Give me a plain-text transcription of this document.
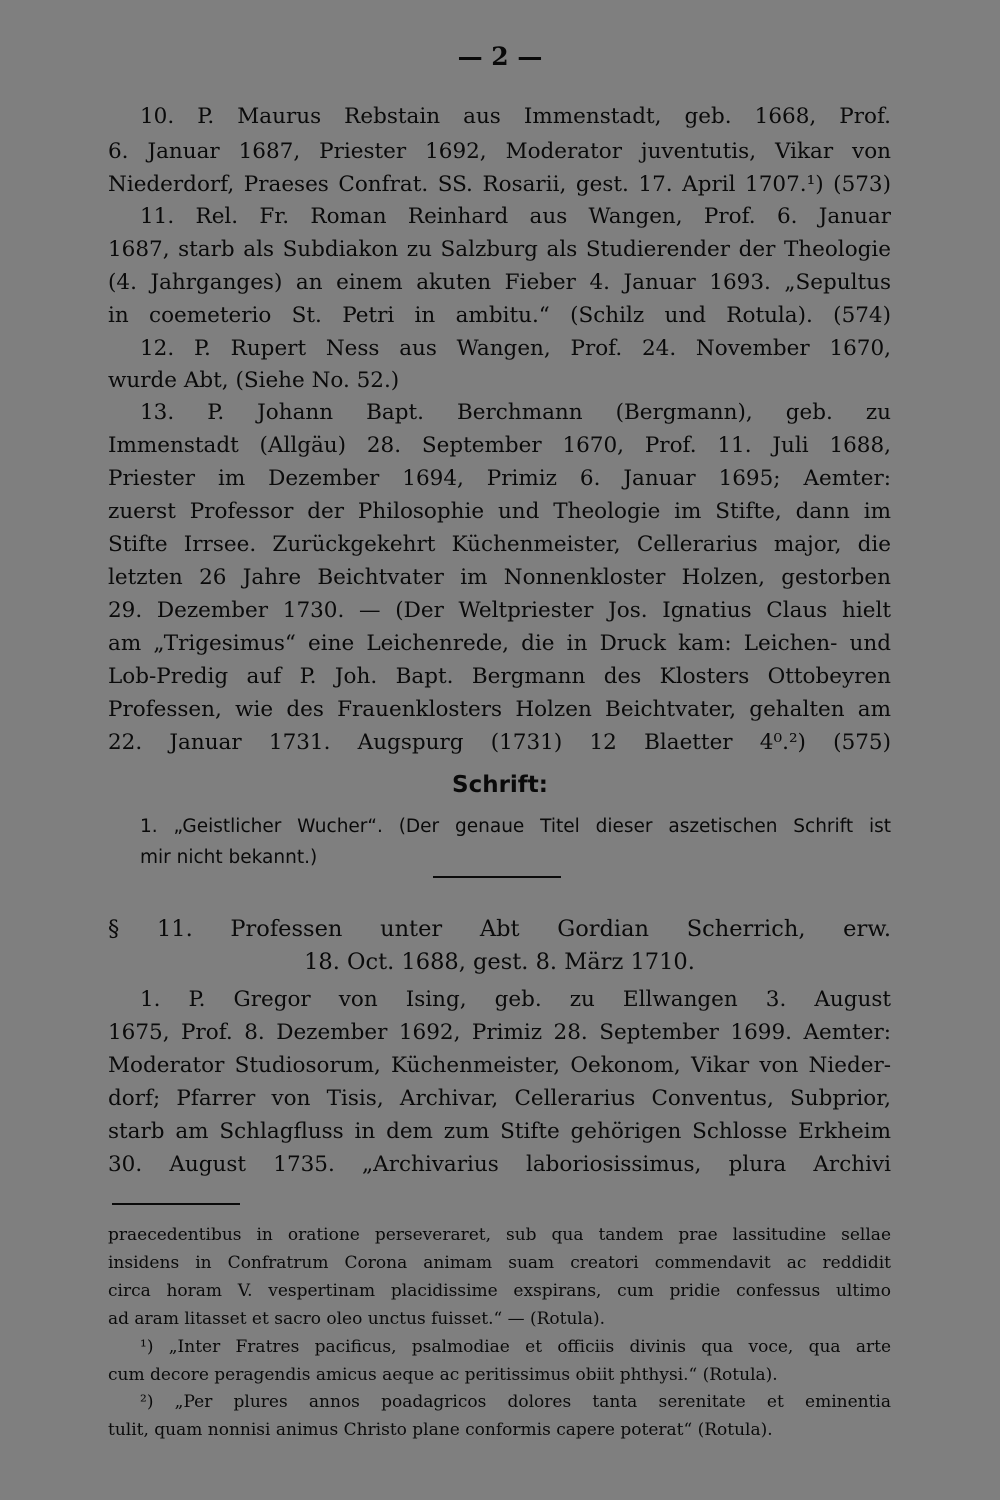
— 2 —
10. P. Maurus Rebstain aus Immenstadt, geb. 1668, Prof.
6. Januar 1687, Priester 1692, Moderator juventutis, Vikar von
Niederdorf, Praeses Confrat. SS. Rosarii, gest. 17. April 1707.¹) (573)
11. Rel. Fr. Roman Reinhard aus Wangen, Prof. 6. Januar
1687, starb als Subdiakon zu Salzburg als Studierender der Theologie
(4. Jahrganges) an einem akuten Fieber 4. Januar 1693. „Sepultus
in coemeterio St. Petri in ambitu.“ (Schilz und Rotula). (574)
12. P. Rupert Ness aus Wangen, Prof. 24. November 1670,
wurde Abt, (Siehe No. 52.)
13. P. Johann Bapt. Berchmann (Bergmann), geb. zu
Immenstadt (Allgäu) 28. September 1670, Prof. 11. Juli 1688,
Priester im Dezember 1694, Primiz 6. Januar 1695; Aemter:
zuerst Professor der Philosophie und Theologie im Stifte, dann im
Stifte Irrsee. Zurückgekehrt Küchenmeister, Cellerarius major, die
letzten 26 Jahre Beichtvater im Nonnenkloster Holzen, gestorben
29. Dezember 1730. — (Der Weltpriester Jos. Ignatius Claus hielt
am „Trigesimus“ eine Leichenrede, die in Druck kam: Leichen- und
Lob-Predig auf P. Joh. Bapt. Bergmann des Klosters Ottobeyren
Professen, wie des Frauenklosters Holzen Beichtvater, gehalten am
22. Januar 1731. Augspurg (1731) 12 Blaetter 4⁰.²) (575)
Schrift:
1. „Geistlicher Wucher“. (Der genaue Titel dieser aszetischen Schrift ist
mir nicht bekannt.)
§ 11. Professen unter Abt Gordian Scherrich, erw.
18. Oct. 1688, gest. 8. März 1710.
1. P. Gregor von Ising, geb. zu Ellwangen 3. August
1675, Prof. 8. Dezember 1692, Primiz 28. September 1699. Aemter:
Moderator Studiosorum, Küchenmeister, Oekonom, Vikar von Nieder-
dorf; Pfarrer von Tisis, Archivar, Cellerarius Conventus, Subprior,
starb am Schlagfluss in dem zum Stifte gehörigen Schlosse Erkheim
30. August 1735. „Archivarius laboriosissimus, plura Archivi
praecedentibus in oratione perseveraret, sub qua tandem prae lassitudine sellae
insidens in Confratrum Corona animam suam creatori commendavit ac reddidit
circa horam V. vespertinam placidissime exspirans, cum pridie confessus ultimo
ad aram litasset et sacro oleo unctus fuisset.“ — (Rotula).
¹) „Inter Fratres pacificus, psalmodiae et officiis divinis qua voce, qua arte
cum decore peragendis amicus aeque ac peritissimus obiit phthysi.“ (Rotula).
²) „Per plures annos poadagricos dolores tanta serenitate et eminentia
tulit, quam nonnisi animus Christo plane conformis capere poterat“ (Rotula).
